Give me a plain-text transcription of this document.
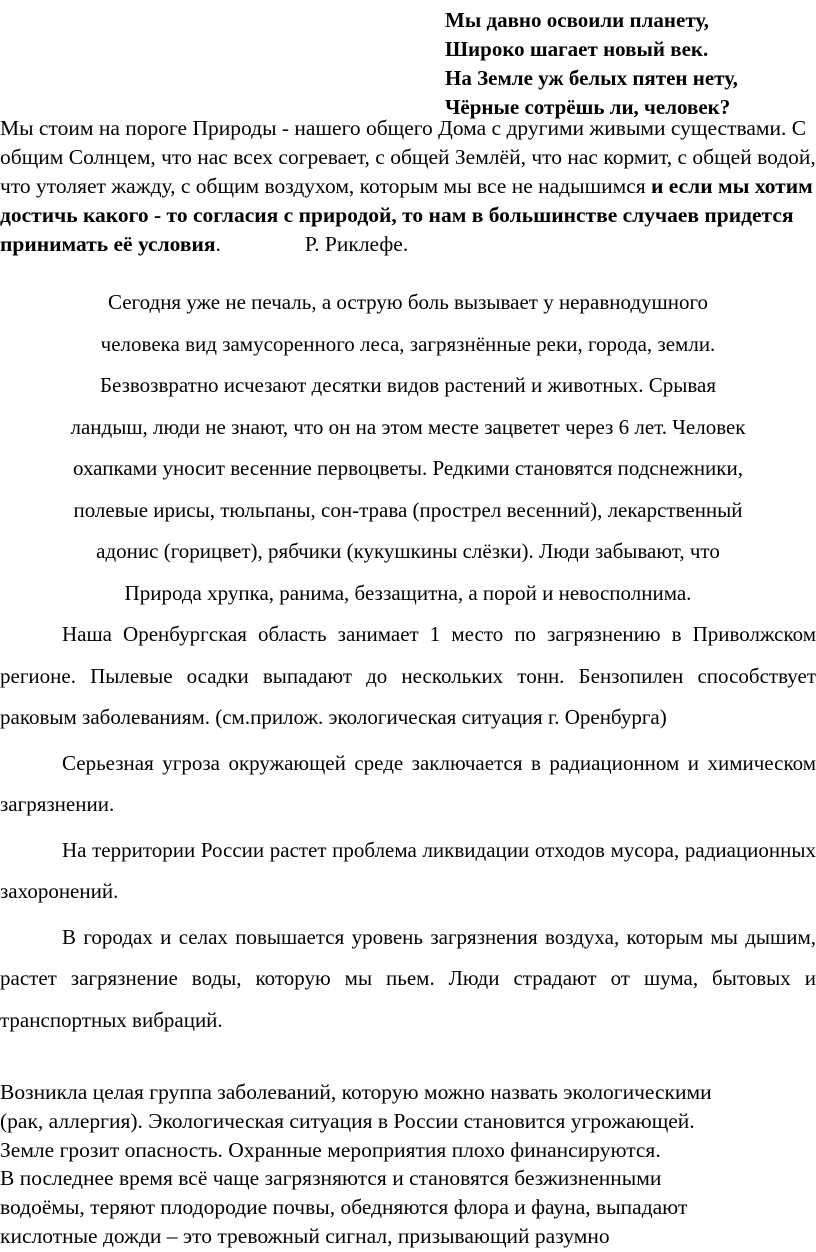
Мы давно освоили планету,
Широко шагает новый век.
На Земле уж белых пятен нету,
Чёрные сотрёшь ли, человек?
Мы стоим на пороге Природы - нашего общего Дома с другими живыми существами. С общим Солнцем, что нас всех согревает, с общей Землёй, что нас кормит, с общей водой, что утоляет жажду, с общим воздухом, которым мы все не надышимся и если мы хотим достичь какого - то согласия с природой, то нам в большинстве случаев придется принимать её условия.	Р. Риклефе.
Сегодня уже не печаль, а острую боль вызывает у неравнодушного
человека вид замусоренного леса, загрязнённые реки, города, земли.
Безвозвратно исчезают десятки видов растений и животных. Срывая
ландыш, люди не знают, что он на этом месте зацветет через 6 лет. Человек
охапками уносит весенние первоцветы. Редкими становятся подснежники,
полевые ирисы, тюльпаны, сон-трава (прострел весенний), лекарственный
адонис (горицвет), рябчики (кукушкины слёзки). Люди забывают, что
Природа хрупка, ранима, беззащитна, а порой и невосполнима.

Наша Оренбургская область занимает 1 место по загрязнению в Приволжском регионе. Пылевые осадки выпадают до нескольких тонн. Бензопилен способствует раковым заболеваниям. (см.прилож. экологическая ситуация г. Оренбурга)

Серьезная угроза окружающей среде заключается в радиационном и химическом загрязнении.

На территории России растет проблема ликвидации отходов мусора, радиационных захоронений.

В городах и селах повышается уровень загрязнения воздуха, которым мы дышим, растет загрязнение воды, которую мы пьем. Люди страдают от шума, бытовых и транспортных вибраций.

Возникла целая группа заболеваний, которую можно назвать экологическими
(рак, аллергия). Экологическая ситуация в России становится угрожающей.
Земле грозит опасность. Охранные мероприятия плохо финансируются.
В последнее время всё чаще загрязняются и становятся безжизненными
водоёмы, теряют плодородие почвы, обедняются флора и фауна, выпадают
кислотные дожди – это тревожный сигнал, призывающий разумно
